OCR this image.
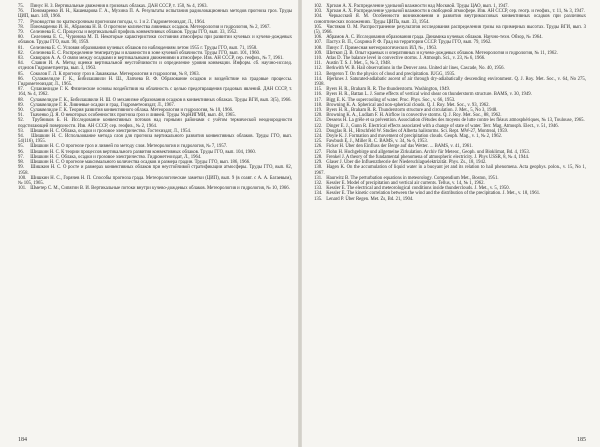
75. Пинус Н. З. Вертикальные движения в грозовых облаках. ДАН СССР, т. 150, № 4, 1963.
76. Пономаренко И. Н., Кашеварова Г. А., Мухина П. А. Результаты испытания радиолокационных методов прогноза гроз. Труды ЦИП, вып. 149, 1966.
77. Руководство по краткосрочным прогнозам погоды, ч. 1 и 2. Гидрометеоиздат, Л., 1964.
78. Пономаренко И. Н., Абрамова Н. В. О прогнозе количества ливневых осадков. Метеорология и гидрология, № 2, 1967.
79. Селезнева Е. С. Процессы и вертикальный профиль конвективных облаков. Труды ГГО, вып. 33, 1952.
80. Селезнева Е. С., Чуринова М. П. Некоторые характеристики состояния атмосферы при развитии кучевых и кучево-дождевых облаков. Труды ГГО, вып. 90, 1959.
81. Селезнева Е. С. Условия образования кучевых облаков по наблюдениям летом 1955 г. Труды ГГО, вып. 71, 1958.
82. Селезнева Е. С. Распределение температуры и влажности в зоне кучевой облачности. Труды ГГО, вып. 101, 1960.
83. Скворцов А. А. О связи между осадками и вертикальными движениями в атмосфере. Изв. АН СССР, сер. геофиз., № 7, 1961.
84. Славин И. А. Метод оценки вертикальной неустойчивости и определение уровня конвекции. Информ. сб. научно-исслед. отделов Гидрометцентра, вып. 3, 1963.
85. Соколов Г. Л. К прогнозу гроз в Закавказье. Метеорология и гидрология, № 8, 1963.
86. Сулаквелидзе Г. К., Бибилашвили Н. Ш., Лапчева В. Ф. Образование осадков и воздействие на градовые процессы. Гидрометеоиздат, Л., 1965.
87. Сулаквелидзе Г. К. Физические основы воздействия на облачность с целью предотвращения градовых явлений. ДАН СССР, т. 164, № 4, 1962.
88. Сулаквелидзе Г. К., Бибилашвили Н. Ш. О механизме образования осадков в конвективных облаках. Труды ВГИ, вып. 3(5), 1966.
89. Сулаквелидзе Г. К. Ливневые осадки и град. Гидрометеоиздат, Л., 1967.
90. Сулаквелидзе Г. К. Теория развития конвективного облака. Метеорология и гидрология, № 10, 1966.
91. Ткаченко Д. Я. О некоторых особенностях прогноза гроз и ливней. Труды УкрНИГМИ, вып. 48, 1965.
92. Трубников Б. Н. Исследование конвективных потоков над горными районами с учётом термической неоднородности подстилающей поверхности. Изв. АН СССР, сер. геофиз., № 2, 1964.
93. Шишкин Н. С. Облака, осадки и грозовое электричество. Гостехиздат, Л., 1954.
94. Шишкин Н. С. Использование метода слоя для прогноза вертикального развития конвективных облаков. Труды ГГО, вып. 54(116), 1955.
95. Шишкин Н. С. О прогнозе гроз и ливней по методу слоя. Метеорология и гидрология, № 7, 1957.
96. Шишкин Н. С. К теории процессов вертикального развития конвективных облаков. Труды ГГО, вып. 104, 1960.
97. Шишкин Н. С. Облака, осадки и грозовое электричество. Гидрометеоиздат, Л., 1964.
98. Шишкин Н. С. О прогнозе максимального количества осадков и размера градин. Труды ГГО, вып. 186, 1966.
99. Шишкин Н. С. О росте и размерах конвективных облаков при неустойчивой стратификации атмосферы. Труды ГГО, вып. 82, 1958.
100. Шишкин Н. С., Горячев Н. П. Способы прогноза града. Метеорологические заметки (ЦИП), вып. 9 (в соавт. с А. А. Багаевым), № 105, 1965.
101. Шметер С. М., Сипягин В. И. Вертикальные потоки внутри кучево-дождевых облаков. Метеорология и гидрология, № 10, 1966.
184
102. Хргиан А. Х. Распределение удельной влажности над Москвой. Труды ЦАО, вып. 1, 1947.
103. Хргиан А. Х. Распределение удельной влажности в свободной атмосфере. Изв. АН СССР, сер. геогр. и геофиз., т. 11, № 3, 1947.
104. Черкасский Я. М. Особенности возникновения и развития внутримассовых конвективных осадков при различных синоптических положениях. Труды ЦИПа, вып. 33, 1954.
105. Чистяков О. М. Распространение результатов исследования распределения грозы на примерных высотах. Труды ВГИ, вып. 3 (5), 1966.
106. Абрамов А. С. Исследования образования града. Динамика кучевых облаков. Научно-техн. Обзор, № 1964.
107. Пастух В. П., Сохрина Р. Ф. Град на территории СССР. Труды ГГО, вып. 79, 1962.
108. Пинус Г. Примесная метеорологических ИЛ, № , 1963.
109. Шиткоп Д. В. Опыт краевых и оперативных и кучево-дождевых облаков. Метеорология и гидрология, № 11, 1962.
110. Atlas D. The balance level in convective storms. J. Atmosph. Sci., v. 23, № 6, 1966.
111. Austin T. S. J. Met., 5, № 3, 1948.
112. Berkwith W. B. Hail observations in the Denver area. United air lines, Cascade, No. 40, 1956.
113. Bergeron T. On the physics of cloud and precipitation. IUGG, 1935.
114. Bjerknes J. Saturated-adiabatic ascent of air through dry-adiabatically descending environment. Q. J. Roy. Met. Soc., v. 64, No 275, 1938.
115. Byers H. R., Braham R. R. The thunderstorm. Washington, 1949.
116. Byers H. R., Battan L. J. Some effects of vertical wind shear on thunderstorm structure. BAMS, v. 30, 1949.
117. Bigg E. K. The supercooling of water. Proc. Phys. Soc., v. 66, 1953.
118. Browning K. A. Spherical and non-spherical clouds. Q. J. Roy. Met. Soc., v. 93, 1962.
119. Byers H. R., Braham R. R. Thunderstorm structure and circulation. J. Met., 5, No 3, 1948.
120. Browning K. A., Ludlam F. H. Airflow in convective storms. Q. J. Roy. Met. Soc., 88, 1962.
121. Dessens H. La grêle et sa prévention. Association d'études des moyens de lutte contre les fléaux atmosphériques, № 13, Toulouse, 1965.
122. Dinger E. J., Gunn R. Electrical effects associated with a change of state of water. Terr. Mag. Atmosph. Elect., v. 51, 1946.
123. Douglas R. H., Hitschfeld W. Studies of Alberta hailstorms. Sci. Rept. MW-27, Montreal, 1959.
124. Doyle K. J. Formation and movement of precipitation clouds. Geoph. Mag., v. 1, № 2, 1962.
125. Fawbush E. J., Miller R. C. BAMS, v. 34, № 6, 1953.
126. Ficker H. Über den Einfluss der Berge auf das Wetter. ... BAMS, v. 41, 1961.
127. Flohn H. Hochgebirge und allgemeine Zirkulation. Archiv für Meteor., Geoph. und Bioklimat, Bd. 4, 1953.
128. Frenkel J. A theory of the fundamental phenomena of atmospheric electricity. J. Phys USSR, 8, № 4, 1944.
129. Glaser J. Über die Influenztheorie der Niederschlagselektrizität. Phys. Zs., 18, 1942.
130. Hagen K. On the accumulation of liquid water in a buoyant jet and its relation to hail phenomena. Acta geophys. polon., v. 15, No 1, 1967.
131. Haurwitz B. The perturbation equations in meteorology. Compendium Met., Boston, 1951.
132. Kessler E. Model of precipitation and vertical air currents. Tellus, v. 14, № 1, 1962.
133. Kessler E. The electrical and meteorological conditions inside thunderclouds. J. Met., v. 5, 1950.
134. Kessler E. The kinetic correlation between the wind and the distribution of the precipitation. J. Met., v. 18, 1961.
135. Lenard P. Über Regen. Met. Zs, Bd. 21, 1904.
185
